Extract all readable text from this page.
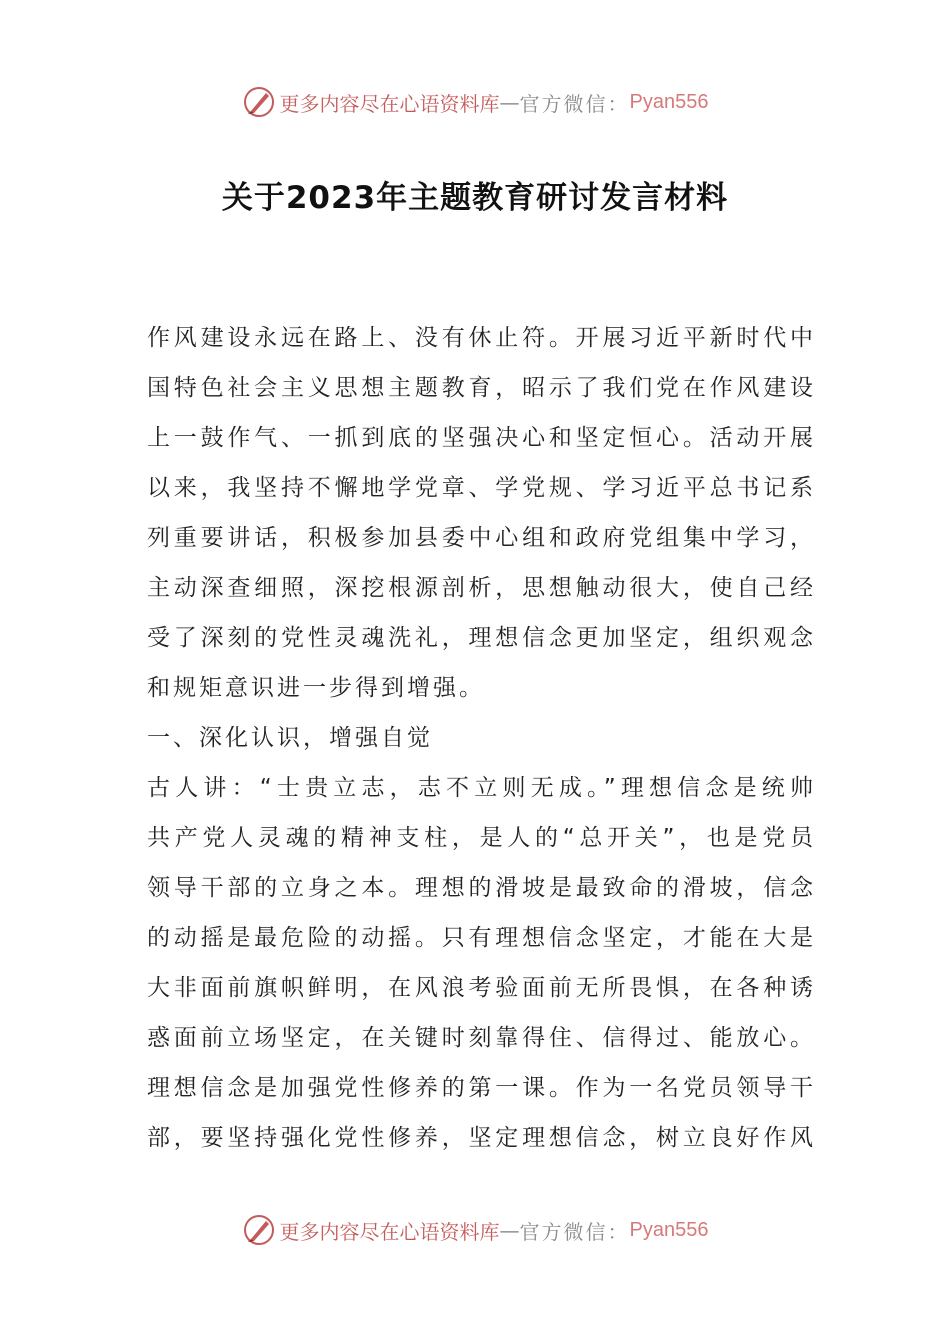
更多内容尽在心语资料库 — 官方微信： Pyan556
关于2023年主题教育研讨发言材料
作风建设永远在路上、没有休止符。开展习近平新时代中
国特色社会主义思想主题教育，昭示了我们党在作风建设
上一鼓作气、一抓到底的坚强决心和坚定恒心。活动开展
以来，我坚持不懈地学党章、学党规、学习近平总书记系
列重要讲话，积极参加县委中心组和政府党组集中学习，
主动深查细照，深挖根源剖析，思想触动很大，使自己经
受了深刻的党性灵魂洗礼，理想信念更加坚定，组织观念
和规矩意识进一步得到增强。
一、深化认识，增强自觉
古人讲：“士贵立志，志不立则无成。”理想信念是统帅
共产党人灵魂的精神支柱，是人的“总开关”，也是党员
领导干部的立身之本。理想的滑坡是最致命的滑坡，信念
的动摇是最危险的动摇。只有理想信念坚定，才能在大是
大非面前旗帜鲜明，在风浪考验面前无所畏惧，在各种诱
惑面前立场坚定，在关键时刻靠得住、信得过、能放心。
理想信念是加强党性修养的第一课。作为一名党员领导干
部，要坚持强化党性修养，坚定理想信念，树立良好作风
更多内容尽在心语资料库 — 官方微信： Pyan556
